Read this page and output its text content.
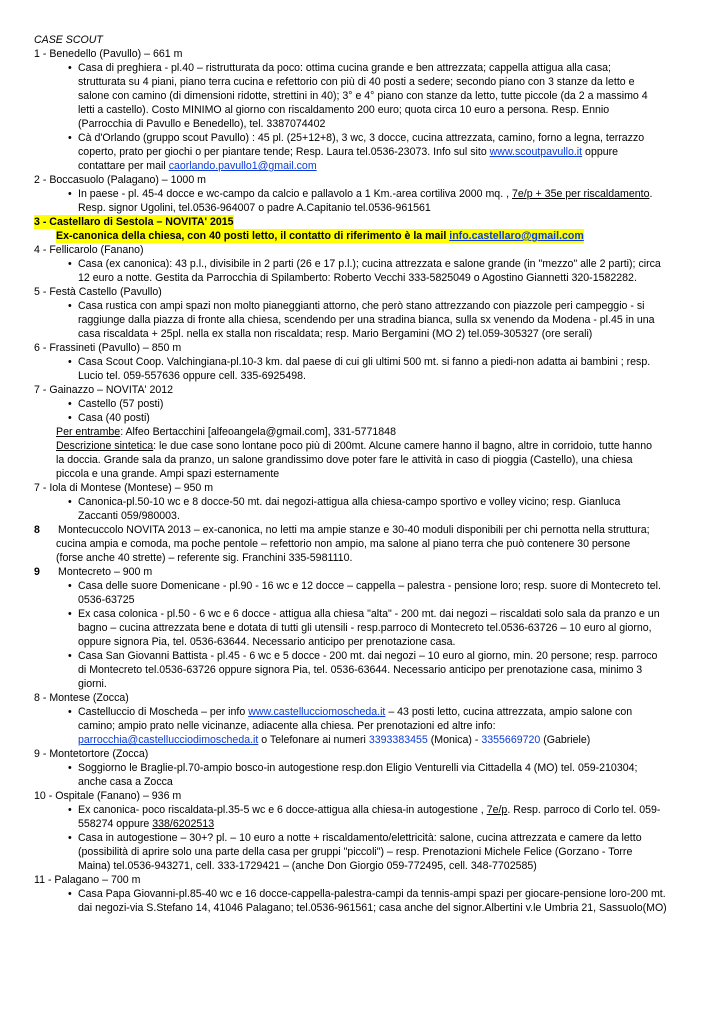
CASE SCOUT
1 - Benedello (Pavullo) – 661 m
• Casa di preghiera - pl.40 – ristrutturata da poco: ottima cucina grande e ben attrezzata; cappella attigua alla casa;
strutturata su 4 piani, piano terra cucina e refettorio con più di 40 posti a sedere; secondo piano con 3 stanze da letto e
salone con camino (di dimensioni ridotte, strettini in 40); 3° e 4° piano con stanze da letto, tutte piccole (da 2 a massimo 4
letti a castello). Costo MINIMO al giorno con riscaldamento 200 euro; quota circa 10 euro a persona. Resp. Ennio
(Parrocchia di Pavullo e Benedello), tel. 3387074402
• Cà d'Orlando (gruppo scout Pavullo) : 45 pl. (25+12+8), 3 wc, 3 docce, cucina attrezzata, camino, forno a legna, terrazzo
coperto, prato per giochi o per piantare tende; Resp. Laura tel.0536-23073. Info sul sito www.scoutpavullo.it oppure
contattare per mail caorlando.pavullo1@gmail.com
2 - Boccasuolo (Palagano) – 1000 m
• In paese - pl. 45-4 docce e wc-campo da calcio e pallavolo a 1 Km.-area cortiliva 2000 mq. , 7e/p + 35e per riscaldamento.
Resp. signor Ugolini, tel.0536-964007 o padre A.Capitanio tel.0536-961561
3 - Castellaro di Sestola – NOVITA' 2015
Ex-canonica della chiesa, con 40 posti letto, il contatto di riferimento è la mail info.castellaro@gmail.com
4 - Fellicarolo (Fanano)
• Casa (ex canonica): 43 p.l., divisibile in 2 parti (26 e 17 p.l.); cucina attrezzata e salone grande (in "mezzo" alle 2 parti); circa
12 euro a notte. Gestita da Parrocchia di Spilamberto: Roberto Vecchi 333-5825049 o Agostino Giannetti 320-1582282.
5 - Festà Castello (Pavullo)
• Casa rustica con ampi spazi non molto pianeggianti attorno, che però stano attrezzando con piazzole peri campeggio - si
raggiunge dalla piazza di fronte alla chiesa, scendendo per una stradina bianca, sulla sx venendo da Modena - pl.45 in una
casa riscaldata + 25pl. nella ex stalla non riscaldata; resp. Mario Bergamini (MO 2) tel.059-305327 (ore serali)
6 - Frassineti (Pavullo) – 850 m
• Casa Scout Coop. Valchingiana-pl.10-3 km. dal paese di cui gli ultimi 500 mt. si fanno a piedi-non adatta ai bambini ; resp.
Lucio tel. 059-557636 oppure cell. 335-6925498.
7 - Gainazzo – NOVITA' 2012
• Castello (57 posti)
• Casa (40 posti)
Per entrambe: Alfeo Bertacchini [alfeoangela@gmail.com], 331-5771848
Descrizione sintetica: le due case sono lontane poco più di 200mt. Alcune camere hanno il bagno, altre in corridoio, tutte hanno
la doccia. Grande sala da pranzo, un salone grandissimo dove poter fare le attività in caso di pioggia (Castello), una chiesa
piccola e una grande. Ampi spazi esternamente
7 - Iola di Montese (Montese) – 950 m
• Canonica-pl.50-10 wc e 8 docce-50 mt. dai negozi-attigua alla chiesa-campo sportivo e volley vicino; resp. Gianluca
Zaccanti 059/980003.
8 Montecuccolo NOVITA 2013 – ex-canonica, no letti ma ampie stanze e 30-40 moduli disponibili per chi pernotta nella struttura;
cucina ampia e comoda, ma poche pentole – refettorio non ampio, ma salone al piano terra che può contenere 30 persone
(forse anche 40 strette) – referente sig. Franchini 335-5981110.
9 Montecreto – 900 m
• Casa delle suore Domenicane - pl.90 - 16 wc e 12 docce – cappella – palestra - pensione loro; resp. suore di Montecreto tel.
0536-63725
• Ex casa colonica - pl.50 - 6 wc e 6 docce - attigua alla chiesa "alta" - 200 mt. dai negozi – riscaldati solo sala da pranzo e un
bagno – cucina attrezzata bene e dotata di tutti gli utensili - resp.parroco di Montecreto tel.0536-63726 – 10 euro al giorno,
oppure signora Pia, tel. 0536-63644. Necessario anticipo per prenotazione casa.
• Casa San Giovanni Battista - pl.45 - 6 wc e 5 docce - 200 mt. dai negozi – 10 euro al giorno, min. 20 persone; resp. parroco
di Montecreto tel.0536-63726 oppure signora Pia, tel. 0536-63644. Necessario anticipo per prenotazione casa, minimo 3
giorni.
8 - Montese (Zocca)
• Castelluccio di Moscheda – per info www.castellucciomoscheda.it – 43 posti letto, cucina attrezzata, ampio salone con
camino; ampio prato nelle vicinanze, adiacente alla chiesa. Per prenotazioni ed altre info:
parrocchia@castellucciodimoscheda.it o Telefonare ai numeri 3393383455 (Monica) - 3355669720 (Gabriele)
9 - Montetortore (Zocca)
• Soggiorno le Braglie-pl.70-ampio bosco-in autogestione resp.don Eligio Venturelli via Cittadella 4 (MO) tel. 059-210304;
anche casa a Zocca
10 - Ospitale (Fanano) – 936 m
• Ex canonica- poco riscaldata-pl.35-5 wc e 6 docce-attigua alla chiesa-in autogestione , 7e/p. Resp. parroco di Corlo tel. 059-
558274 oppure 338/6202513
• Casa in autogestione – 30+? pl. – 10 euro a notte + riscaldamento/elettricità: salone, cucina attrezzata e camere da letto
(possibilità di aprire solo una parte della casa per gruppi "piccoli") – resp. Prenotazioni Michele Felice (Gorzano - Torre
Maina) tel.0536-943271, cell. 333-1729421 – (anche Don Giorgio 059-772495, cell. 348-7702585)
11 - Palagano – 700 m
• Casa Papa Giovanni-pl.85-40 wc e 16 docce-cappella-palestra-campi da tennis-ampi spazi per giocare-pensione loro-200 mt.
dai negozi-via S.Stefano 14, 41046 Palagano; tel.0536-961561; casa anche del signor.Albertini v.le Umbria 21, Sassuolo(MO)
